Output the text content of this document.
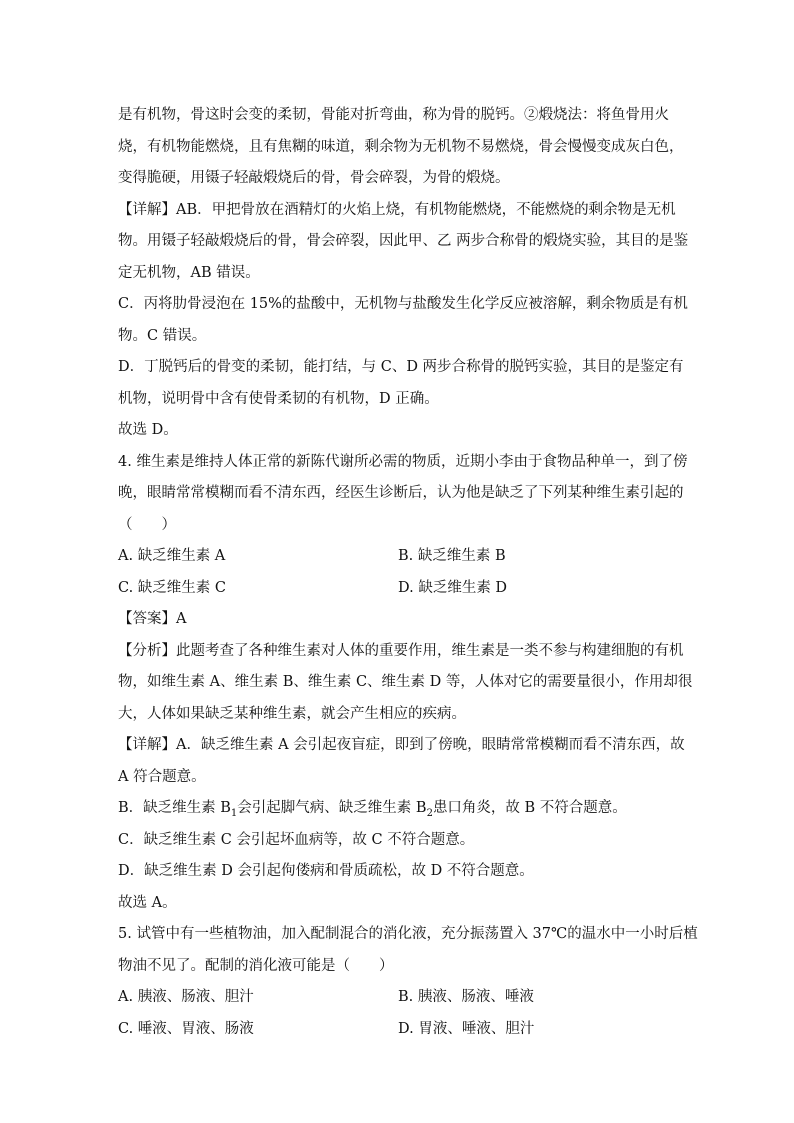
是有机物，骨这时会变的柔韧，骨能对折弯曲，称为骨的脱钙。②煅烧法：将鱼骨用火
烧，有机物能燃烧，且有焦糊的味道，剩余物为无机物不易燃烧，骨会慢慢变成灰白色，
变得脆硬，用镊子轻敲煅烧后的骨，骨会碎裂，为骨的煅烧。
【详解】AB．甲把骨放在酒精灯的火焰上烧，有机物能燃烧，不能燃烧的剩余物是无机
物。用镊子轻敲煅烧后的骨，骨会碎裂，因此甲、乙 两步合称骨的煅烧实验，其目的是鉴
定无机物，AB 错误。
C．丙将肋骨浸泡在 15%的盐酸中，无机物与盐酸发生化学反应被溶解，剩余物质是有机
物。C 错误。
D．丁脱钙后的骨变的柔韧，能打结，与 C、D 两步合称骨的脱钙实验，其目的是鉴定有
机物，说明骨中含有使骨柔韧的有机物，D 正确。
故选 D。
4. 维生素是维持人体正常的新陈代谢所必需的物质，近期小李由于食物品种单一，到了傍
晚，眼睛常常模糊而看不清东西，经医生诊断后，认为他是缺乏了下列某种维生素引起的
（　　）
A. 缺乏维生素 A	B. 缺乏维生素 B
C. 缺乏维生素 C	D. 缺乏维生素 D
【答案】A
【分析】此题考查了各种维生素对人体的重要作用，维生素是一类不参与构建细胞的有机
物，如维生素 A、维生素 B、维生素 C、维生素 D 等，人体对它的需要量很小，作用却很
大，人体如果缺乏某种维生素，就会产生相应的疾病。
【详解】A．缺乏维生素 A 会引起夜盲症，即到了傍晚，眼睛常常模糊而看不清东西，故
A 符合题意。
B．缺乏维生素 $B_1$会引起脚气病、缺乏维生素 $B_2$患口角炎，故 B 不符合题意。
C．缺乏维生素 C 会引起坏血病等，故 C 不符合题意。
D．缺乏维生素 D 会引起佝偻病和骨质疏松，故 D 不符合题意。
故选 A。
5. 试管中有一些植物油，加入配制混合的消化液，充分振荡置入 37℃的温水中一小时后植
物油不见了。配制的消化液可能是（　　）
A. 胰液、肠液、胆汁	B. 胰液、肠液、唾液
C. 唾液、胃液、肠液	D. 胃液、唾液、胆汁
